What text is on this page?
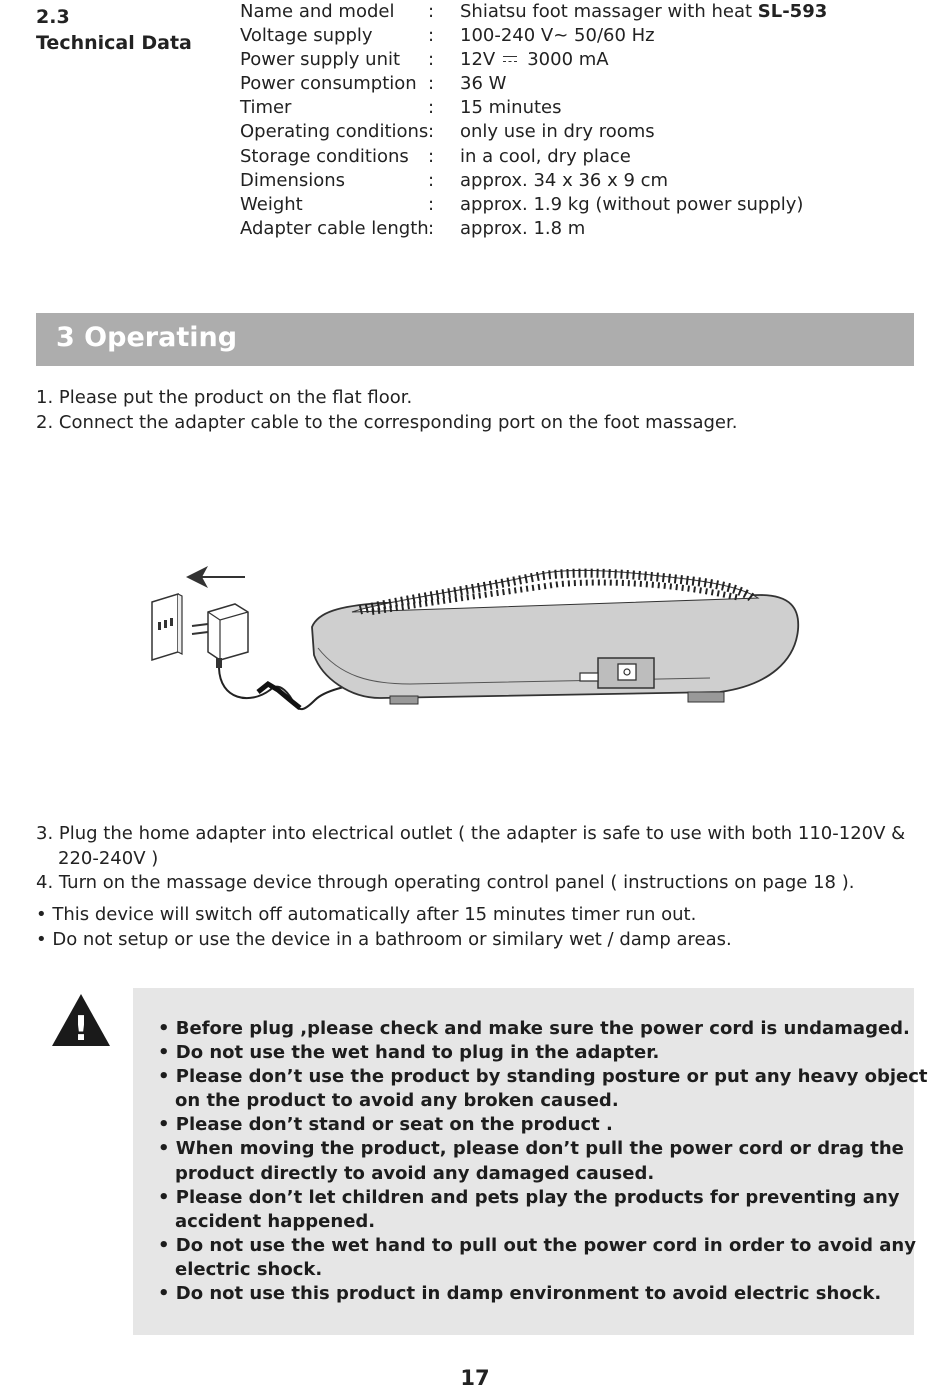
2.3
Technical Data
Name and model	:	Shiatsu foot massager with heat SL-593
Voltage supply	:	100-240 V~ 50/60 Hz
Power supply unit	:	12V 3000 mA
Power consumption :	36 W
Timer	:	15 minutes
Operating conditions :	only use in dry rooms
Storage conditions	:	in a cool, dry place
Dimensions	:	approx. 34 x 36 x 9 cm
Weight	:	approx. 1.9 kg (without power supply)
Adapter cable length :	approx. 1.8 m
3 Operating
1. Please put the product on the flat floor.
2. Connect the adapter cable to the corresponding port on the foot massager.
3. Plug the home adapter into electrical outlet ( the adapter is safe to use with both 110-120V &
220-240V )
4. Turn on the massage device through operating control panel ( instructions on page 18 ).
• This device will switch off automatically after 15 minutes timer run out.
• Do not setup or use the device in a bathroom or similary wet / damp areas.
!	• Before plug ,please check and make sure the power cord is undamaged.
• Do not use the wet hand to plug in the adapter.
• Please don’t use the product by standing posture or put any heavy object
on the product to avoid any broken caused.
• Please don’t stand or seat on the product .
• When moving the product, please don’t pull the power cord or drag the
product directly to avoid any damaged caused.
• Please don’t let children and pets play the products for preventing any
accident happened.
• Do not use the wet hand to pull out the power cord in order to avoid any
electric shock.
• Do not use this product in damp environment to avoid electric shock.
17
